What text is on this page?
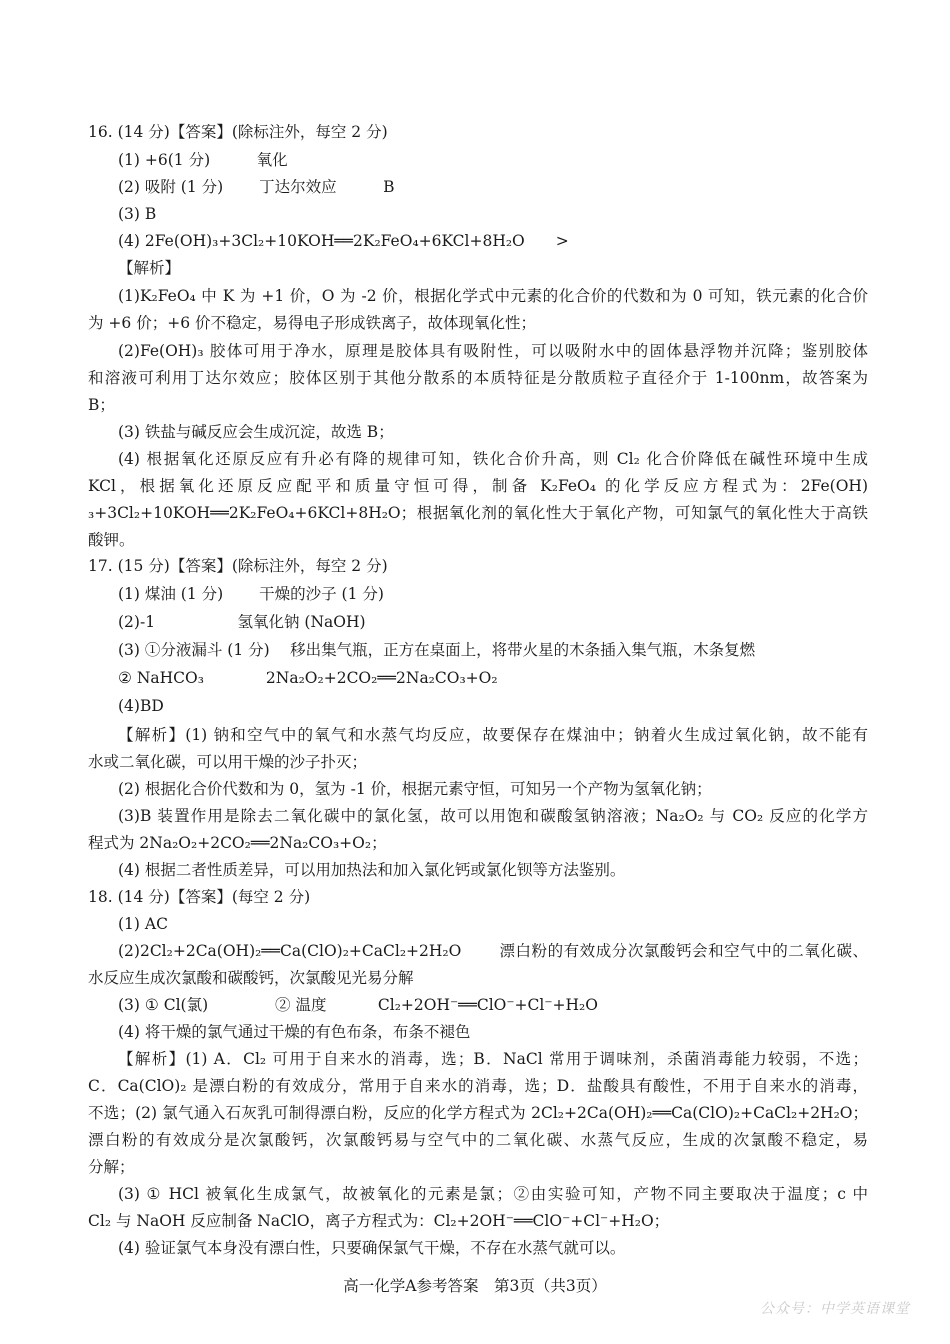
16. (14 分)【答案】(除标注外，每空 2 分)
(1) +6(1 分)　　　氧化
(2) 吸附 (1 分)　　 丁达尔效应　　　B
(3) B
(4) 2Fe(OH)₃+3Cl₂+10KOH══2K₂FeO₄+6KCl+8H₂O　　>
【解析】
(1)K₂FeO₄ 中 K 为 +1 价，O 为 -2 价，根据化学式中元素的化合价的代数和为 0 可知，铁元素的化合价
为 +6 价；+6 价不稳定，易得电子形成铁离子，故体现氧化性；
(2)Fe(OH)₃ 胶体可用于净水，原理是胶体具有吸附性，可以吸附水中的固体悬浮物并沉降；鉴别胶体
和溶液可利用丁达尔效应；胶体区别于其他分散系的本质特征是分散质粒子直径介于 1-100nm，故答案为
B；
(3) 铁盐与碱反应会生成沉淀，故选 B；
(4) 根据氧化还原反应有升必有降的规律可知，铁化合价升高，则 Cl₂ 化合价降低在碱性环境中生成
KCl，根据氧化还原反应配平和质量守恒可得，制备 K₂FeO₄ 的化学反应方程式为：2Fe(OH)
₃+3Cl₂+10KOH══2K₂FeO₄+6KCl+8H₂O；根据氧化剂的氧化性大于氧化产物，可知氯气的氧化性大于高铁
酸钾。
17. (15 分)【答案】(除标注外，每空 2 分)
(1) 煤油 (1 分)　　 干燥的沙子 (1 分)
(2)-1　　　　　 氢氧化钠 (NaOH)
(3) ①分液漏斗 (1 分)　 移出集气瓶，正方在桌面上，将带火星的木条插入集气瓶，木条复燃
② NaHCO₃　　　　2Na₂O₂+2CO₂══2Na₂CO₃+O₂
(4)BD
【解析】(1) 钠和空气中的氧气和水蒸气均反应，故要保存在煤油中；钠着火生成过氧化钠，故不能有
水或二氧化碳，可以用干燥的沙子扑灭；
(2) 根据化合价代数和为 0，氢为 -1 价，根据元素守恒，可知另一个产物为氢氧化钠；
(3)B 装置作用是除去二氧化碳中的氯化氢，故可以用饱和碳酸氢钠溶液；Na₂O₂ 与 CO₂ 反应的化学方
程式为 2Na₂O₂+2CO₂══2Na₂CO₃+O₂；
(4) 根据二者性质差异，可以用加热法和加入氯化钙或氯化钡等方法鉴别。
18. (14 分)【答案】(每空 2 分)
(1) AC
(2)2Cl₂+2Ca(OH)₂══Ca(ClO)₂+CaCl₂+2H₂O　　 漂白粉的有效成分次氯酸钙会和空气中的二氧化碳、
水反应生成次氯酸和碳酸钙，次氯酸见光易分解
(3) ① Cl(氯)　　　　 ② 温度　　　 Cl₂+2OH⁻══ClO⁻+Cl⁻+H₂O
(4) 将干燥的氯气通过干燥的有色布条，布条不褪色
【解析】(1) A．Cl₂ 可用于自来水的消毒，选；B．NaCl 常用于调味剂，杀菌消毒能力较弱，不选；
C．Ca(ClO)₂ 是漂白粉的有效成分，常用于自来水的消毒，选；D．盐酸具有酸性，不用于自来水的消毒，
不选；(2) 氯气通入石灰乳可制得漂白粉，反应的化学方程式为 2Cl₂+2Ca(OH)₂══Ca(ClO)₂+CaCl₂+2H₂O；
漂白粉的有效成分是次氯酸钙，次氯酸钙易与空气中的二氧化碳、水蒸气反应，生成的次氯酸不稳定，易
分解；
(3) ① HCl 被氧化生成氯气，故被氧化的元素是氯；②由实验可知，产物不同主要取决于温度；c 中
Cl₂ 与 NaOH 反应制备 NaClO，离子方程式为：Cl₂+2OH⁻══ClO⁻+Cl⁻+H₂O；
(4) 验证氯气本身没有漂白性，只要确保氯气干燥，不存在水蒸气就可以。
高一化学A参考答案　第3页（共3页）
公众号：中学英语课堂
